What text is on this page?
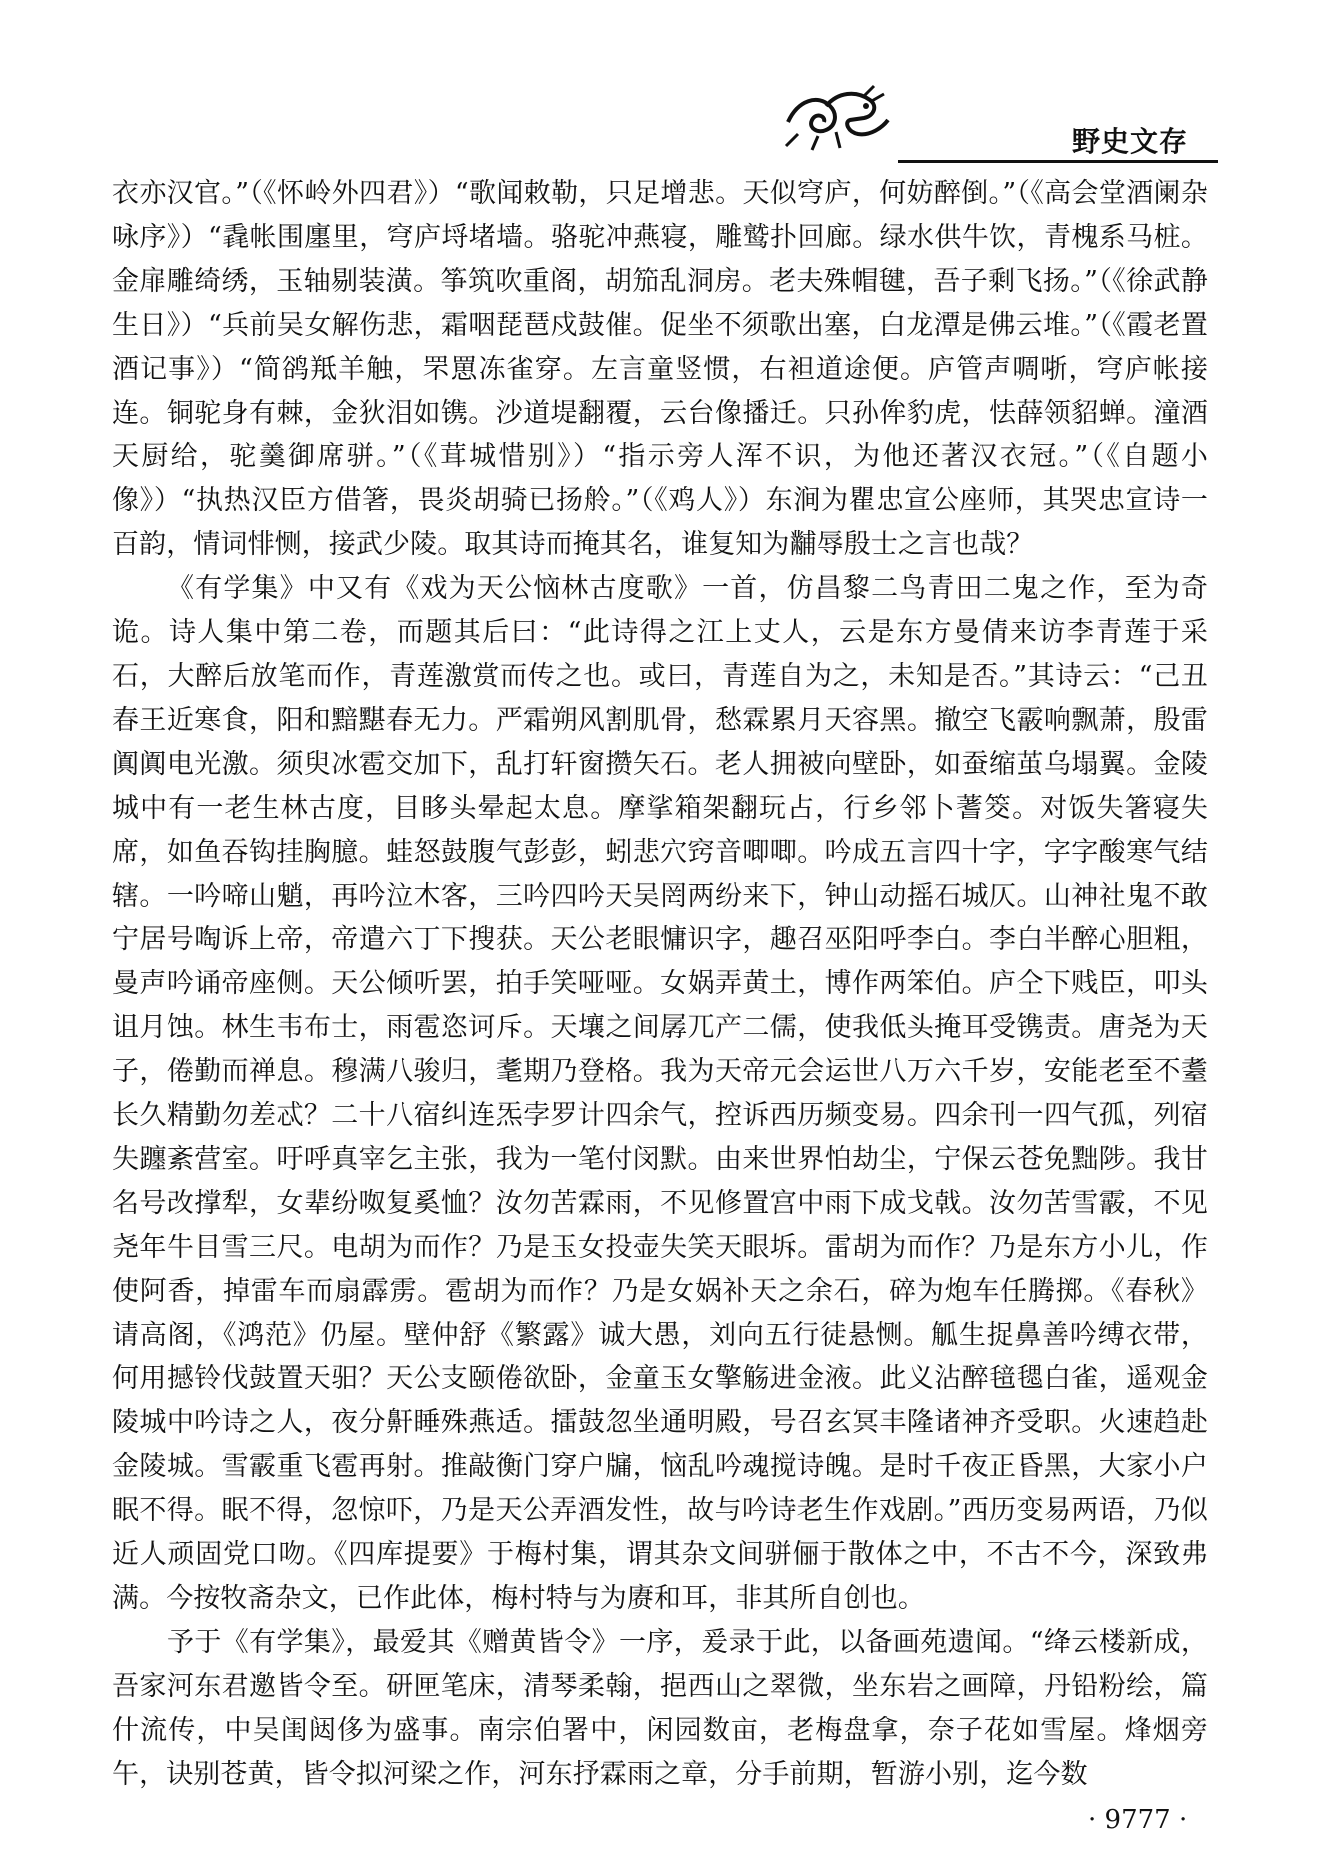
野史文存

衣亦汉官。”（《怀岭外四君》）“歌闻敕勒，只足增悲。天似穹庐，何妨醉倒。”（《高会堂酒阑杂咏序》）“毳帐围廛里，穹庐埒堵墙。骆驼冲燕寝，雕鹫扑回廊。绿水供牛饮，青槐系马桩。金扉雕绮绣，玉轴剔装潢。筝筑吹重阁，胡笳乱洞房。老夫殊帽毽，吾子剩飞扬。”（《徐武静生日》）“兵前吴女解伤悲，霜咽琵琶戍鼓催。促坐不须歌出塞，白龙潭是佛云堆。”（《霞老置酒记事》）“简鹆羝羊触，罘罳冻雀穿。左言童竖惯，右袒道途便。庐管声啁哳，穹庐帐接连。铜驼身有棘，金狄泪如镌。沙道堤翻覆，云台像播迁。只孙侔豹虎，怯薛领貂蝉。潼酒天厨给，驼羹御席骈。”（《茸城惜别》）“指示旁人浑不识，为他还著汉衣冠。”（《自题小像》）“执热汉臣方借箸，畏炎胡骑已扬舲。”（《鸡人》）东涧为瞿忠宣公座师，其哭忠宣诗一百韵，情词悱恻，接武少陵。取其诗而掩其名，谁复知为黼辱殷士之言也哉？

《有学集》中又有《戏为天公恼林古度歌》一首，仿昌黎二鸟青田二鬼之作，至为奇诡。诗人集中第二卷，而题其后曰：“此诗得之江上丈人，云是东方曼倩来访李青莲于采石，大醉后放笔而作，青莲激赏而传之也。或曰，青莲自为之，未知是否。”其诗云：“己丑春王近寒食，阳和黯黮春无力。严霜朔风割肌骨，愁霖累月天容黑。撤空飞霰响飘萧，殷雷阗阗电光激。须臾冰雹交加下，乱打轩窗攒矢石。老人拥被向壁卧，如蚕缩茧乌塌翼。金陵城中有一老生林古度，目眵头晕起太息。摩挲箱架翻玩占，行乡邻卜蓍筊。对饭失箸寝失席，如鱼吞钩挂胸臆。蛙怒鼓腹气彭彭，蚓悲穴窍音唧唧。吟成五言四十字，字字酸寒气结辖。一吟啼山魈，再吟泣木客，三吟四吟天吴罔两纷来下，钟山动摇石城仄。山神社鬼不敢宁居号啕诉上帝，帝遣六丁下搜获。天公老眼慵识字，趣召巫阳呼李白。李白半醉心胆粗，曼声吟诵帝座侧。天公倾听罢，拍手笑哑哑。女娲弄黄土，博作两笨伯。庐仝下贱臣，叩头诅月蚀。林生韦布士，雨雹恣诃斥。天壤之间孱兀产二儒，使我低头掩耳受镌责。唐尧为天子，倦勤而禅息。穆满八骏归，耄期乃登格。我为天帝元会运世八万六千岁，安能老至不耋长久精勤勿差忒？二十八宿纠连炁孛罗计四余气，控诉西历频变易。四余刊一四气孤，列宿失躔紊营室。吁呼真宰乞主张，我为一笔付闵默。由来世界怕劫尘，宁保云苍免黜陟。我甘名号改撑犁，女辈纷呶复奚恤？汝勿苦霖雨，不见修置宫中雨下成戈戟。汝勿苦雪霰，不见尧年牛目雪三尺。电胡为而作？乃是玉女投壶失笑天眼坼。雷胡为而作？乃是东方小儿，作使阿香，掉雷车而扇霹雳。雹胡为而作？乃是女娲补天之余石，碎为炮车任腾掷。《春秋》请高阁，《鸿范》仍屋。壁仲舒《繁露》诚大愚，刘向五行徒悬恻。觚生捉鼻善吟缚衣带，何用撼铃伐鼓置天驲？天公支颐倦欲卧，金童玉女擎觞进金液。此义沾醉毰毸白雀，遥观金陵城中吟诗之人，夜分鼾睡殊燕适。擂鼓忽坐通明殿，号召玄冥丰隆诸神齐受职。火速趋赴金陵城。雪霰重飞雹再射。推敲衡门穿户牖，恼乱吟魂搅诗魄。是时千夜正昏黑，大家小户眠不得。眠不得，忽惊吓，乃是天公弄酒发性，故与吟诗老生作戏剧。”西历变易两语，乃似近人顽固党口吻。《四库提要》于梅村集，谓其杂文间骈俪于散体之中，不古不今，深致弗满。今按牧斋杂文，已作此体，梅村特与为赓和耳，非其所自创也。

予于《有学集》，最爱其《赠黄皆令》一序，爰录于此，以备画苑遗闻。“绛云楼新成，吾家河东君邀皆令至。研匣笔床，清琴柔翰，挹西山之翠微，坐东岩之画障，丹铅粉绘，篇什流传，中吴闺闼侈为盛事。南宗伯署中，闲园数亩，老梅盘拿，奈子花如雪屋。烽烟旁午，诀别苍黄，皆令拟河梁之作，河东抒霖雨之章，分手前期，暂游小别，迄今数

· 9777 ·
